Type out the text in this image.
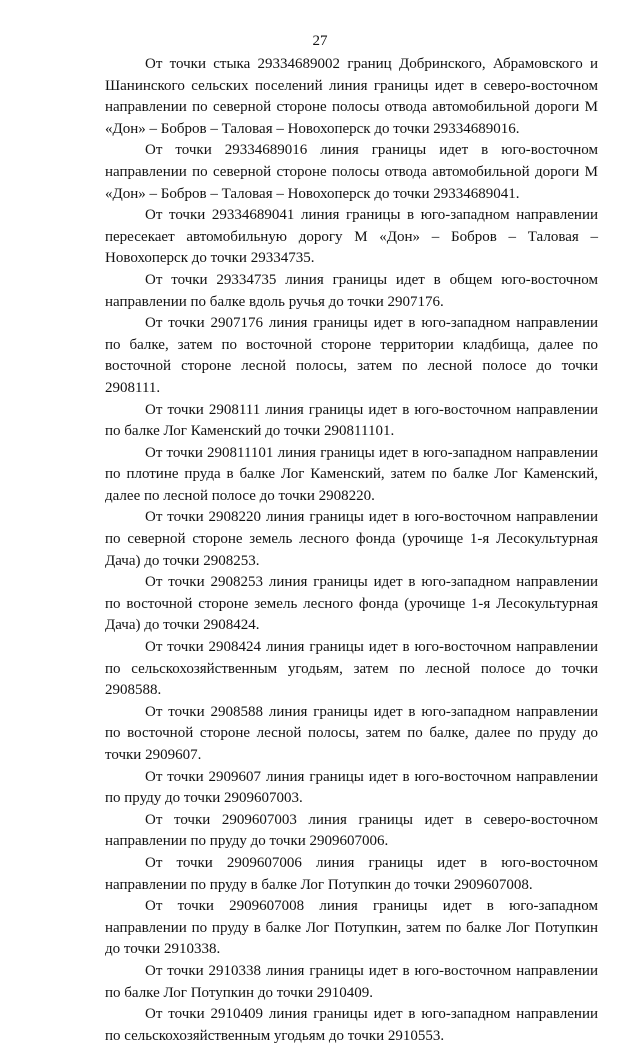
27

От точки стыка 29334689002 границ Добринского, Абрамовского и Шанинского сельских поселений линия границы идет в северо-восточном направлении по северной стороне полосы отвода автомобильной дороги М «Дон» – Бобров – Таловая – Новохоперск до точки 29334689016.

От точки 29334689016 линия границы идет в юго-восточном направлении по северной стороне полосы отвода автомобильной дороги М «Дон» – Бобров – Таловая – Новохоперск до точки 29334689041.

От точки 29334689041 линия границы в юго-западном направлении пересекает автомобильную дорогу М «Дон» – Бобров – Таловая – Новохоперск до точки 29334735.

От точки 29334735 линия границы идет в общем юго-восточном направлении по балке вдоль ручья до точки 2907176.

От точки 2907176 линия границы идет в юго-западном направлении по балке, затем по восточной стороне территории кладбища, далее по восточной стороне лесной полосы, затем по лесной полосе до точки 2908111.

От точки 2908111 линия границы идет в юго-восточном направлении по балке Лог Каменский до точки 290811101.

От точки 290811101 линия границы идет в юго-западном направлении по плотине пруда в балке Лог Каменский, затем по балке Лог Каменский, далее по лесной полосе до точки 2908220.

От точки 2908220 линия границы идет в юго-восточном направлении по северной стороне земель лесного фонда (урочище 1-я Лесокультурная Дача) до точки 2908253.

От точки 2908253 линия границы идет в юго-западном направлении по восточной стороне земель лесного фонда (урочище 1-я Лесокультурная Дача) до точки 2908424.

От точки 2908424 линия границы идет в юго-восточном направлении по сельскохозяйственным угодьям, затем по лесной полосе до точки 2908588.

От точки 2908588 линия границы идет в юго-западном направлении по восточной стороне лесной полосы, затем по балке, далее по пруду до точки 2909607.

От точки 2909607 линия границы идет в юго-восточном направлении по пруду до точки 2909607003.

От точки 2909607003 линия границы идет в северо-восточном направлении по пруду до точки 2909607006.

От точки 2909607006 линия границы идет в юго-восточном направлении по пруду в балке Лог Потупкин до точки 2909607008.

От точки 2909607008 линия границы идет в юго-западном направлении по пруду в балке Лог Потупкин, затем по балке Лог Потупкин до точки 2910338.

От точки 2910338 линия границы идет в юго-восточном направлении по балке Лог Потупкин до точки 2910409.

От точки 2910409 линия границы идет в юго-западном направлении по сельскохозяйственным угодьям до точки 2910553.
